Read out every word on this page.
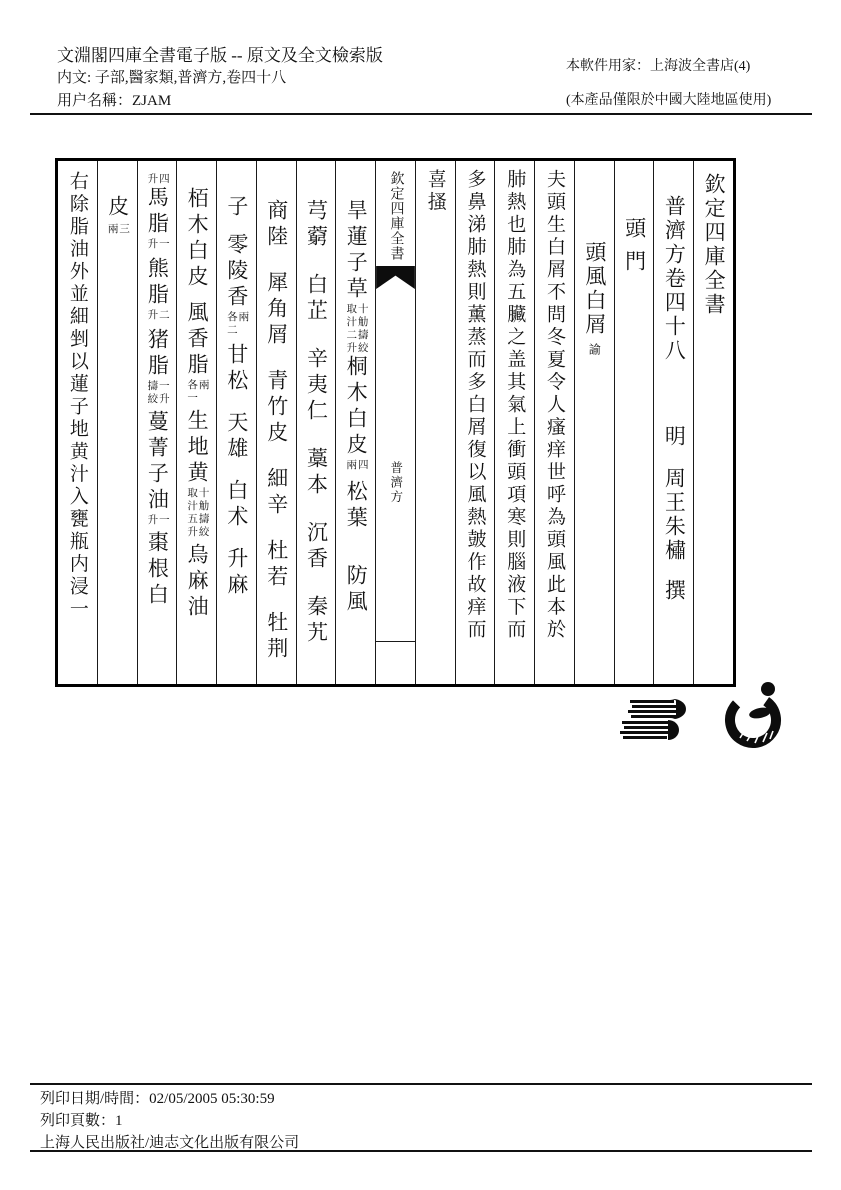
文淵閣四庫全書電子版 -- 原文及全文檢索版
内文: 子部,醫家類,普濟方,卷四十八
用户名稱：ZJAM
本軟件用家：上海波全書店(4)
(本產品僅限於中國大陸地區使用)
欽定四庫全書
普濟方卷四十八
明
周王朱橚
撰
頭門
頭風白屑
諭
夫頭生白屑不問冬夏令人瘙痒世呼為頭風此本於
肺熱也肺為五臟之盖其氣上衝頭項寒則腦液下而
多鼻涕肺熱則薰蒸而多白屑復以風熱皷作故痒而
喜搔
欽定四庫全書
普濟方
旱蓮子草
十觔擣絞
取汁二升
桐木白皮
四
兩
松葉
防風
芎藭
白芷
辛夷仁
藁本
沉香
秦艽
商陸
犀角屑
青竹皮
細辛
杜若
牡荆
子
零陵香
兩
各二
甘松
天雄
白术
升麻
栢木白皮
風香脂
兩
各一
生地黄
十觔擣絞
取汁五升
烏麻油
四
升
馬脂
一
升
熊脂
二
升
猪脂
一升
擣絞
蔓菁子油
一
升
棗根白
皮
三
兩
右除脂油外並細剉以蓮子地黄汁入甕瓶内浸一
列印日期/時間：02/05/2005 05:30:59
列印頁數：1
上海人民出版社/迪志文化出版有限公司
